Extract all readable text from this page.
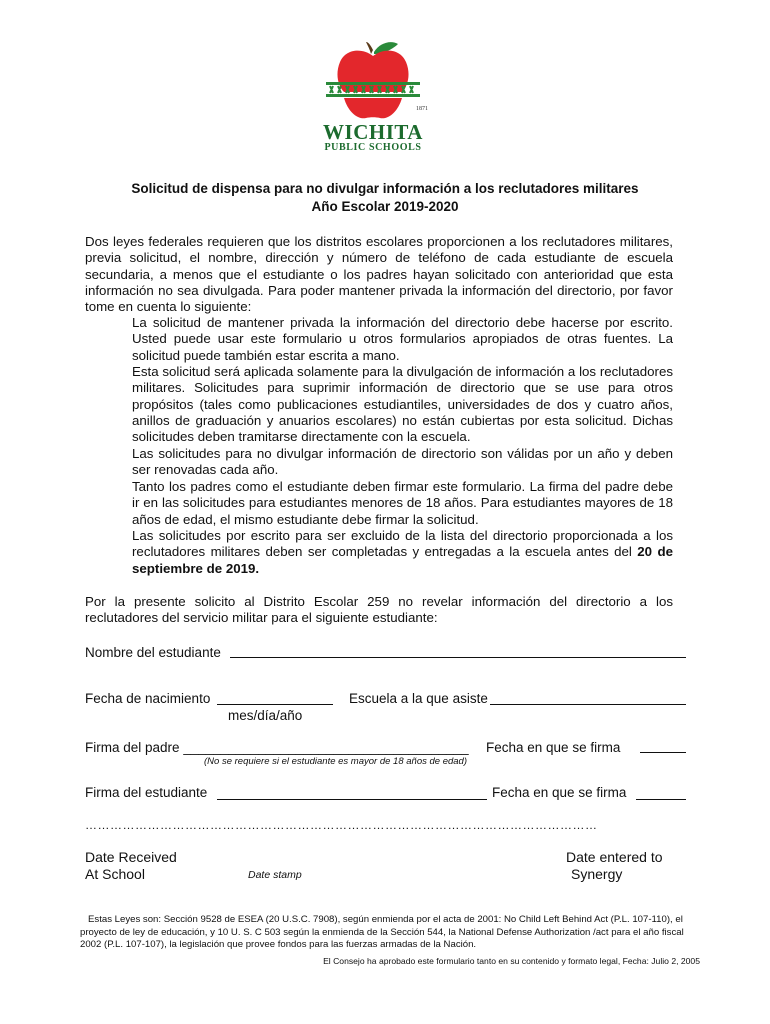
1871
WICHITA
PUBLIC SCHOOLS
Solicitud de dispensa para no divulgar información a los reclutadores militares
Año Escolar 2019-2020
Dos leyes federales requieren que los distritos escolares proporcionen a los reclutadores militares, previa solicitud, el nombre, dirección y número de teléfono de cada estudiante de escuela secundaria, a menos que el estudiante o los padres hayan solicitado con anterioridad que esta información no sea divulgada. Para poder mantener privada la información del directorio, por favor tome en cuenta lo siguiente:
La solicitud de mantener privada la información del directorio debe hacerse por escrito. Usted puede usar este formulario u otros formularios apropiados de otras fuentes. La solicitud puede también estar escrita a mano.
Esta solicitud será aplicada solamente para la divulgación de información a los reclutadores militares. Solicitudes para suprimir información de directorio que se use para otros propósitos (tales como publicaciones estudiantiles, universidades de dos y cuatro años, anillos de graduación y anuarios escolares) no están cubiertas por esta solicitud. Dichas solicitudes deben tramitarse directamente con la escuela.
Las solicitudes para no divulgar información de directorio son válidas por un año y deben ser renovadas cada año.
Tanto los padres como el estudiante deben firmar este formulario. La firma del padre debe ir en las solicitudes para estudiantes menores de 18 años. Para estudiantes mayores de 18 años de edad, el mismo estudiante debe firmar la solicitud.
Las solicitudes por escrito para ser excluido de la lista del directorio proporcionada a los reclutadores militares deben ser completadas y entregadas a la escuela antes del 20 de septiembre de 2019.
Por la presente solicito al Distrito Escolar 259 no revelar información del directorio a los reclutadores del servicio militar para el siguiente estudiante:
Nombre del estudiante
Fecha de nacimiento
mes/día/año
Escuela a la que asiste
Firma del padre ______________________________________ Fecha en que se firma
(No se requiere si el estudiante es mayor de 18 años de edad)
Firma del estudiante	Fecha en que se firma
……………………………………………………………………………………………………………
Date Received
At School	Date stamp
Date entered to
Synergy
Estas Leyes son: Sección 9528 de ESEA (20 U.S.C. 7908), según enmienda por el acta de 2001: No Child Left Behind Act (P.L. 107-110), el proyecto de ley de educación, y 10 U. S. C 503 según la enmienda de la Sección 544, la National Defense Authorization /act para el año fiscal 2002 (P.L. 107-107), la legislación que provee fondos para las fuerzas armadas de la Nación.
El Consejo ha aprobado este formulario tanto en su contenido y formato legal, Fecha: Julio 2, 2005
